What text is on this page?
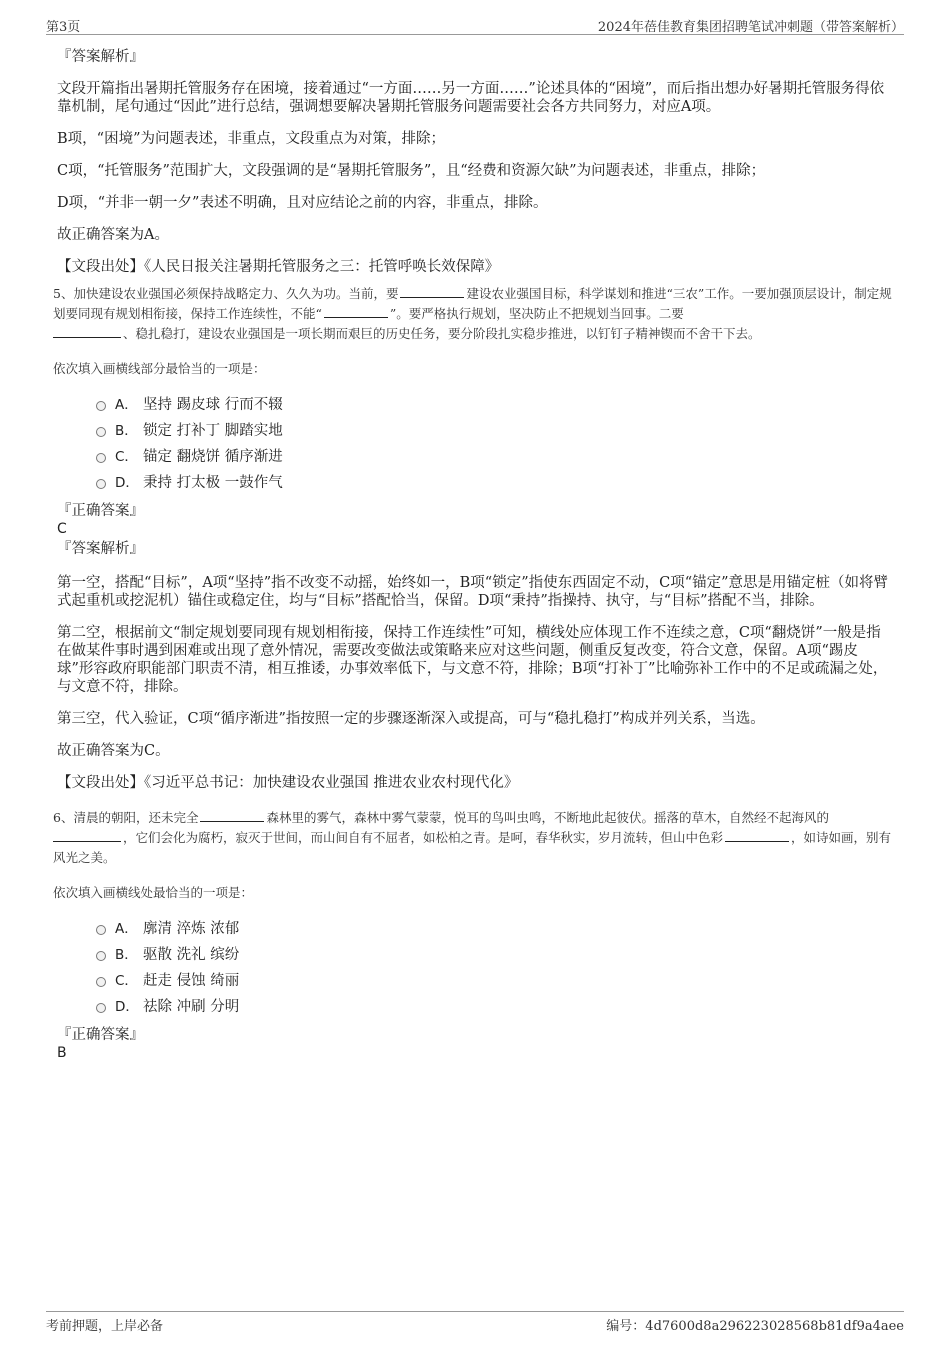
第3页	2024年蓓佳教育集团招聘笔试冲刺题（带答案解析）
『答案解析』
文段开篇指出暑期托管服务存在困境，接着通过“一方面……另一方面……”论述具体的“困境”，而后指出想办好暑期托管服务得依靠机制，尾句通过“因此”进行总结，强调想要解决暑期托管服务问题需要社会各方共同努力，对应A项。
B项，“困境”为问题表述，非重点，文段重点为对策，排除；
C项，“托管服务”范围扩大，文段强调的是“暑期托管服务”，且“经费和资源欠缺”为问题表述，非重点，排除；
D项，“并非一朝一夕”表述不明确，且对应结论之前的内容，非重点，排除。
故正确答案为A。
【文段出处】《人民日报关注暑期托管服务之三：托管呼唤长效保障》

5、加快建设农业强国必须保持战略定力、久久为功。当前，要	建设农业强国目标，科学谋划和推进“三农”工作。一要加强顶层设计，制定规划要同现有规划相衔接，保持工作连续性，不能“	”。要严格执行规划，坚决防止不把规划当回事。二要
、稳扎稳打，建设农业强国是一项长期而艰巨的历史任务，要分阶段扎实稳步推进，以钉钉子精神锲而不舍干下去。

依次填入画横线部分最恰当的一项是：

A． 坚持 踢皮球 行而不辍
B． 锁定 打补丁 脚踏实地
C． 锚定 翻烧饼 循序渐进
D． 秉持 打太极 一鼓作气
『正确答案』
C
『答案解析』
第一空，搭配“目标”，A项“坚持”指不改变不动摇，始终如一，B项“锁定”指使东西固定不动，C项“锚定”意思是用锚定桩（如将臂式起重机或挖泥机）锚住或稳定住，均与“目标”搭配恰当，保留。D项“秉持”指操持、执守，与“目标”搭配不当，排除。
第二空，根据前文“制定规划要同现有规划相衔接，保持工作连续性”可知，横线处应体现工作不连续之意，C项“翻烧饼”一般是指在做某件事时遇到困难或出现了意外情况，需要改变做法或策略来应对这些问题，侧重反复改变，符合文意，保留。A项“踢皮球”形容政府职能部门职责不清，相互推诿，办事效率低下，与文意不符，排除；B项“打补丁”比喻弥补工作中的不足或疏漏之处，与文意不符，排除。
第三空，代入验证，C项“循序渐进”指按照一定的步骤逐渐深入或提高，可与“稳扎稳打”构成并列关系，当选。
故正确答案为C。
【文段出处】《习近平总书记：加快建设农业强国 推进农业农村现代化》

6、清晨的朝阳，还未完全	森林里的雾气，森林中雾气蒙蒙，悦耳的鸟叫虫鸣，不断地此起彼伏。摇落的草木，自然经不起海风的
，它们会化为腐朽，寂灭于世间，而山间自有不屈者，如松柏之青。是呵，春华秋实，岁月流转，但山中色彩	，如诗如画，别有风光之美。

依次填入画横线处最恰当的一项是：

A． 廓清 淬炼 浓郁
B． 驱散 洗礼 缤纷
C． 赶走 侵蚀 绮丽
D． 祛除 冲刷 分明
『正确答案』
B
考前押题，上岸必备	编号：4d7600d8a296223028568b81df9a4aee
